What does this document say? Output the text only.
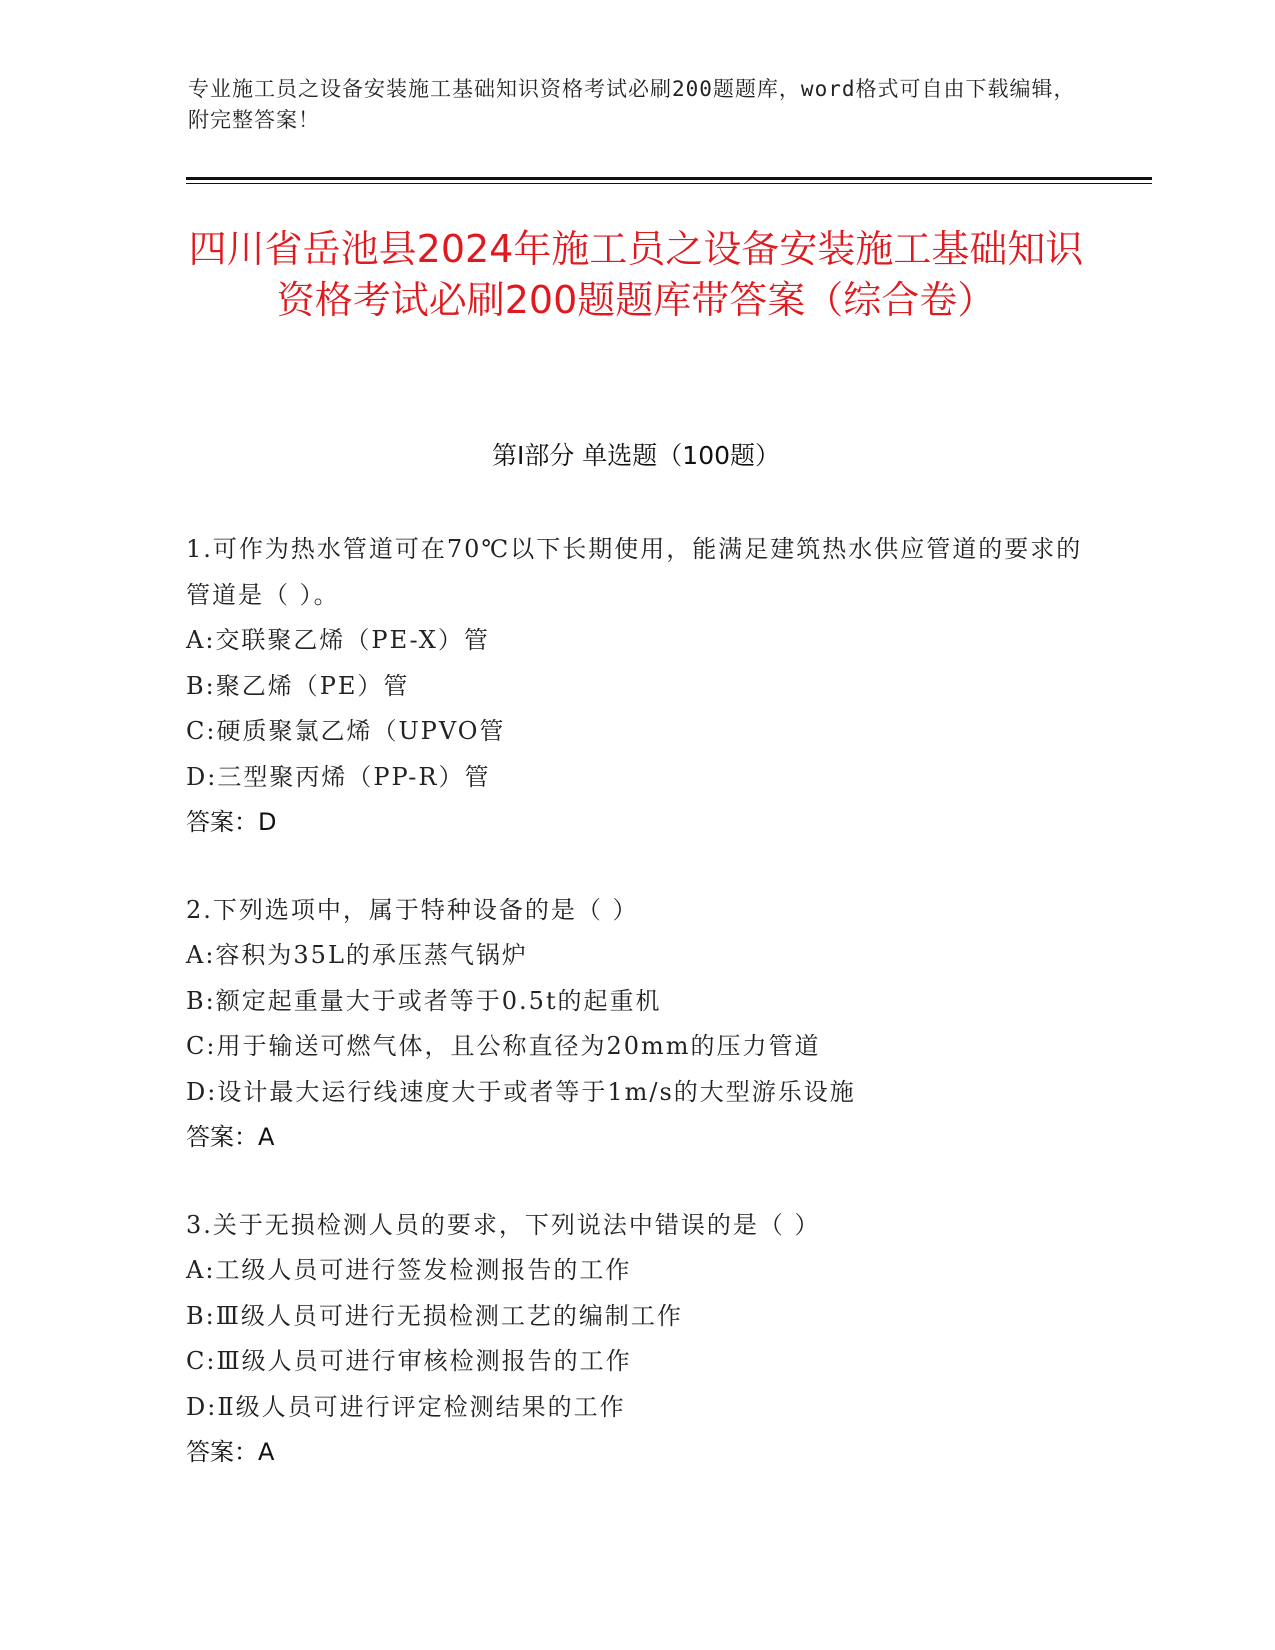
专业施工员之设备安装施工基础知识资格考试必刷200题题库，word格式可自由下载编辑，附完整答案！
四川省岳池县2024年施工员之设备安装施工基础知识资格考试必刷200题题库带答案（综合卷）
第Ⅰ部分 单选题（100题）
1.可作为热水管道可在70℃以下长期使用，能满足建筑热水供应管道的要求的管道是（ ）。
A:交联聚乙烯（PE-X）管
B:聚乙烯（PE）管
C:硬质聚氯乙烯（UPVO管
D:三型聚丙烯（PP-R）管
答案：D
2.下列选项中，属于特种设备的是（ ）
A:容积为35L的承压蒸气锅炉
B:额定起重量大于或者等于0.5t的起重机
C:用于输送可燃气体，且公称直径为20mm的压力管道
D:设计最大运行线速度大于或者等于1m/s的大型游乐设施
答案：A
3.关于无损检测人员的要求，下列说法中错误的是（ ）
A:工级人员可进行签发检测报告的工作
B:Ⅲ级人员可进行无损检测工艺的编制工作
C:Ⅲ级人员可进行审核检测报告的工作
D:Ⅱ级人员可进行评定检测结果的工作
答案：A
